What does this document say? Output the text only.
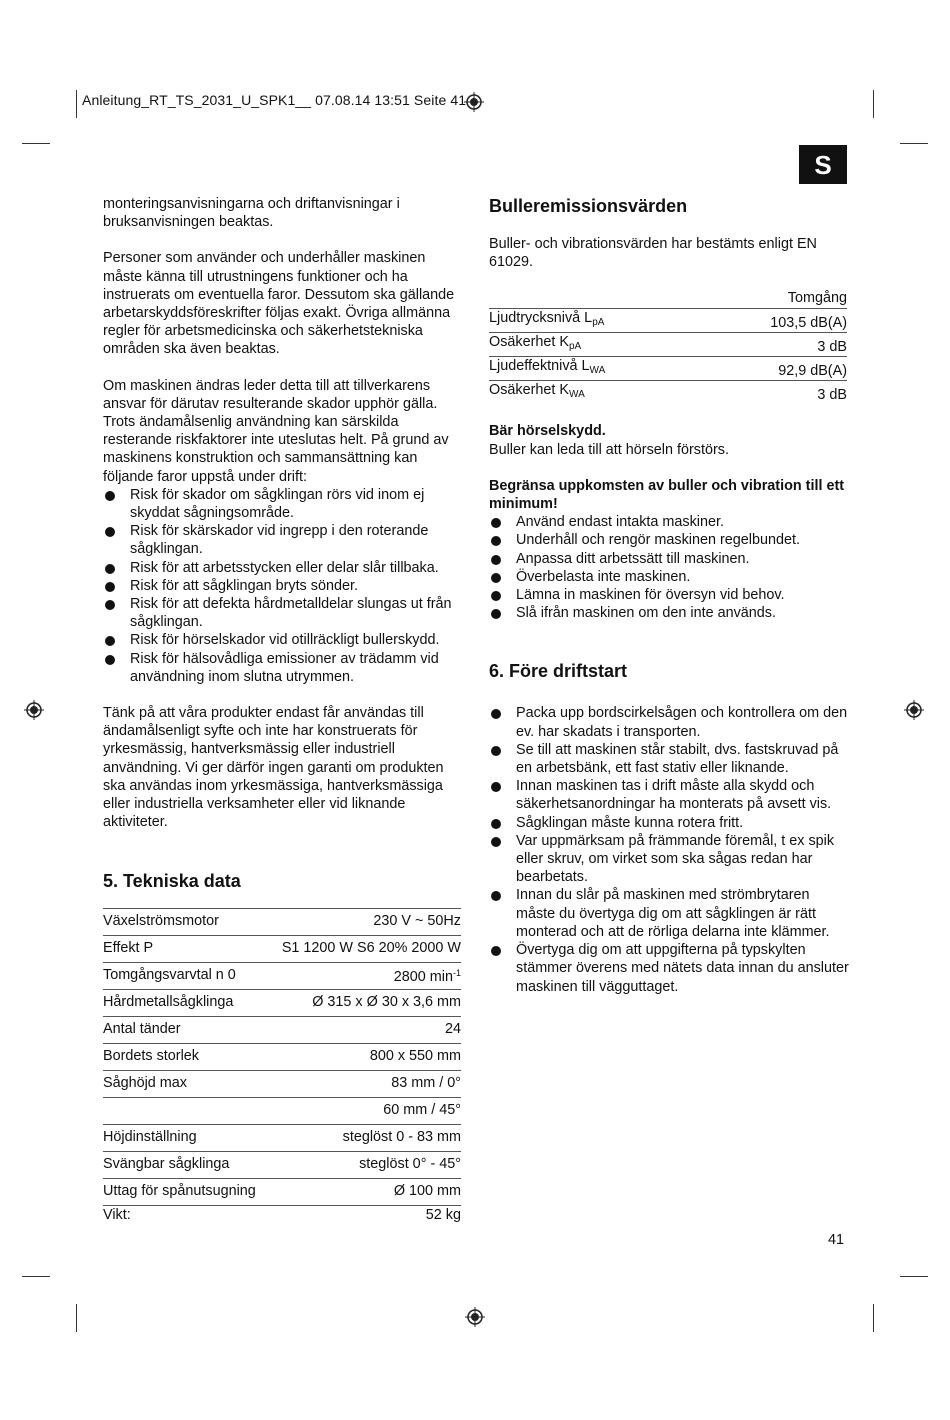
Anleitung_RT_TS_2031_U_SPK1__ 07.08.14 13:51 Seite 41
S

monteringsanvisningarna och driftanvisningar i bruksanvisningen beaktas.

Personer som använder och underhåller maskinen måste känna till utrustningens funktioner och ha instruerats om eventuella faror. Dessutom ska gällande arbetarskyddsföreskrifter följas exakt. Övriga allmänna regler för arbetsmedicinska och säkerhetstekniska områden ska även beaktas.

Om maskinen ändras leder detta till att tillverkarens ansvar för därutav resulterande skador upphör gälla. Trots ändamålsenlig användning kan särskilda resterande riskfaktorer inte uteslutas helt. På grund av maskinens konstruktion och sammansättning kan följande faror uppstå under drift:

Risk för skador om sågklingan rörs vid inom ej skyddat sågningsområde.
Risk för skärskador vid ingrepp i den roterande sågklingan.
Risk för att arbetsstycken eller delar slår tillbaka.
Risk för att sågklingan bryts sönder.
Risk för att defekta hårdmetalldelar slungas ut från sågklingan.
Risk för hörselskador vid otillräckligt bullerskydd.
Risk för hälsovådliga emissioner av trädamm vid användning inom slutna utrymmen.

Tänk på att våra produkter endast får användas till ändamålsenligt syfte och inte har konstruerats för yrkesmässig, hantverksmässig eller industriell användning. Vi ger därför ingen garanti om produkten ska användas inom yrkesmässiga, hantverksmässiga eller industriella verksamheter eller vid liknande aktiviteter.

5. Tekniska data
Växelströmsmotor	230 V ~ 50Hz
Effekt P	S1 1200 W S6 20% 2000 W
Tomgångsvarvtal n 0	2800 $\min^{-1}$
Hårdmetallsågklinga	Ø 315 x Ø 30 x 3,6 mm
Antal tänder	24
Bordets storlek	800 x 550 mm
Såghöjd max	83 mm / 0°
	60 mm / 45°
Höjdinställning	steglöst 0 - 83 mm
Svängbar sågklinga	steglöst 0° - 45°
Uttag för spånutsugning	Ø 100 mm
Vikt:	52 kg
Bulleremissionsvärden

Buller- och vibrationsvärden har bestämts enligt EN 61029.

Tomgång
Ljudtrycksnivå $L_{pA}$	103,5 dB(A)
Osäkerhet $K_{pA}$	3 dB
Ljudeffektnivå $L_{WA}$	92,9 dB(A)
Osäkerhet $K_{WA}$	3 dB

Bär hörselskydd.

Buller kan leda till att hörseln förstörs.

Begränsa uppkomsten av buller och vibration till ett minimum!

Använd endast intakta maskiner.
Underhåll och rengör maskinen regelbundet.
Anpassa ditt arbetssätt till maskinen.
Överbelasta inte maskinen.
Lämna in maskinen för översyn vid behov.
Slå ifrån maskinen om den inte används.
6. Före driftstart
Packa upp bordscirkelsågen och kontrollera om den ev. har skadats i transporten.
Se till att maskinen står stabilt, dvs. fastskruvad på en arbetsbänk, ett fast stativ eller liknande.
Innan maskinen tas i drift måste alla skydd och säkerhetsanordningar ha monterats på avsett vis.
Sågklingan måste kunna rotera fritt.
Var uppmärksam på främmande föremål, t ex spik eller skruv, om virket som ska sågas redan har bearbetats.
Innan du slår på maskinen med strömbrytaren måste du övertyga dig om att sågklingen är rätt monterad och att de rörliga delarna inte klämmer.
Övertyga dig om att uppgifterna på typskylten stämmer överens med nätets data innan du ansluter maskinen till vägguttaget.
41
